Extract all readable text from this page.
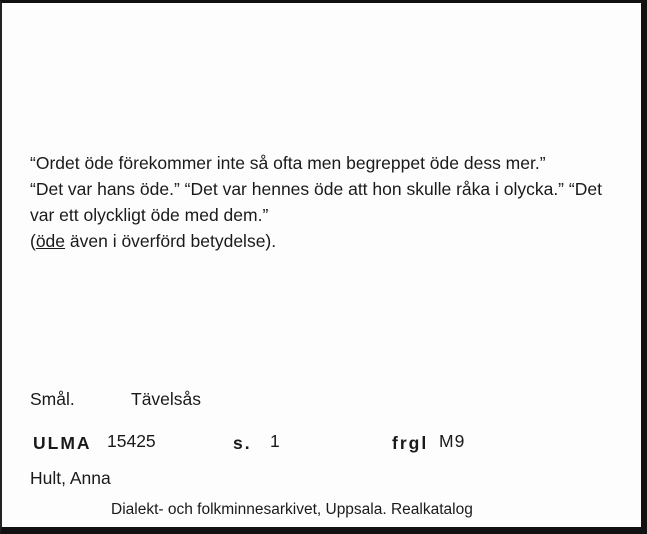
“Ordet öde förekommer inte så ofta men begreppet öde dess mer.”

“Det var hans öde.” “Det var hennes öde att hon skulle råka i olycka.” “Det var ett olyckligt öde med dem.”

(öde även i överförd betydelse).

Smål.	Tävelsås
ULMA 15425	s. 1	frgl M9
Hult, Anna
Dialekt- och folkminnesarkivet, Uppsala. Realkatalog
